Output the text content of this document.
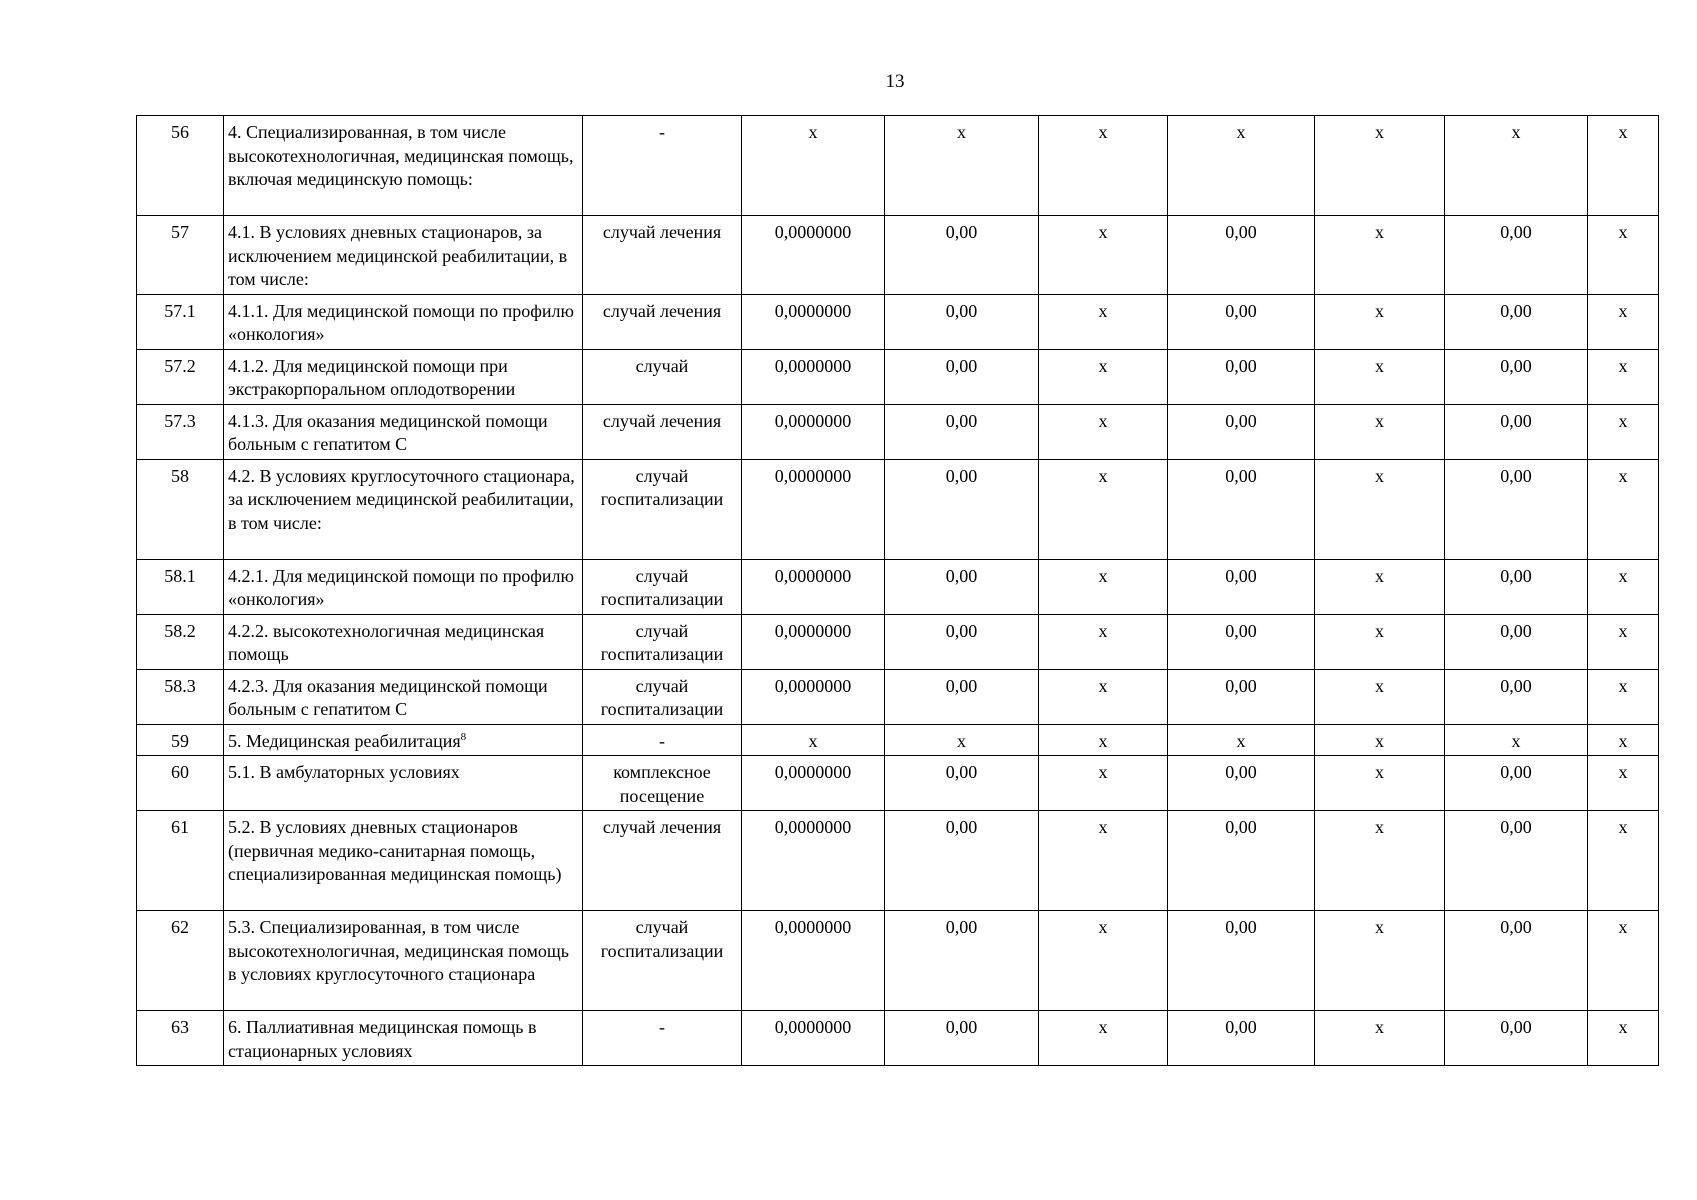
13
56	4. Специализированная, в том числе высокотехнологичная, медицинская помощь, включая медицинскую помощь:	-	х	х	х	х	х	х	х
57	4.1. В условиях дневных стационаров, за исключением медицинской реабилитации, в том числе:	случай лечения	0,0000000	0,00	х	0,00	х	0,00	х
57.1	4.1.1. Для медицинской помощи по профилю «онкология»	случай лечения	0,0000000	0,00	х	0,00	х	0,00	х
57.2	4.1.2. Для медицинской помощи при экстракорпоральном оплодотворении	случай	0,0000000	0,00	х	0,00	х	0,00	х
57.3	4.1.3. Для оказания медицинской помощи больным с гепатитом С	случай лечения	0,0000000	0,00	х	0,00	х	0,00	х
58	4.2. В условиях круглосуточного стационара, за исключением медицинской реабилитации, в том числе:	случай госпитализации	0,0000000	0,00	х	0,00	х	0,00	х
58.1	4.2.1. Для медицинской помощи по профилю «онкология»	случай госпитализации	0,0000000	0,00	х	0,00	х	0,00	х
58.2	4.2.2. высокотехнологичная медицинская помощь	случай госпитализации	0,0000000	0,00	х	0,00	х	0,00	х
58.3	4.2.3. Для оказания медицинской помощи больным с гепатитом С	случай госпитализации	0,0000000	0,00	х	0,00	х	0,00	х
59	5. Медицинская реабилитация$^8$	-	х	х	х	х	х	х	х
60	5.1. В амбулаторных условиях	комплексное посещение	0,0000000	0,00	х	0,00	х	0,00	х
61	5.2. В условиях дневных стационаров (первичная медико-санитарная помощь, специализированная медицинская помощь)	случай лечения	0,0000000	0,00	х	0,00	х	0,00	х
62	5.3. Специализированная, в том числе высокотехнологичная, медицинская помощь в условиях круглосуточного стационара	случай госпитализации	0,0000000	0,00	х	0,00	х	0,00	х
63	6. Паллиативная медицинская помощь в стационарных условиях	-	0,0000000	0,00	х	0,00	х	0,00	х
